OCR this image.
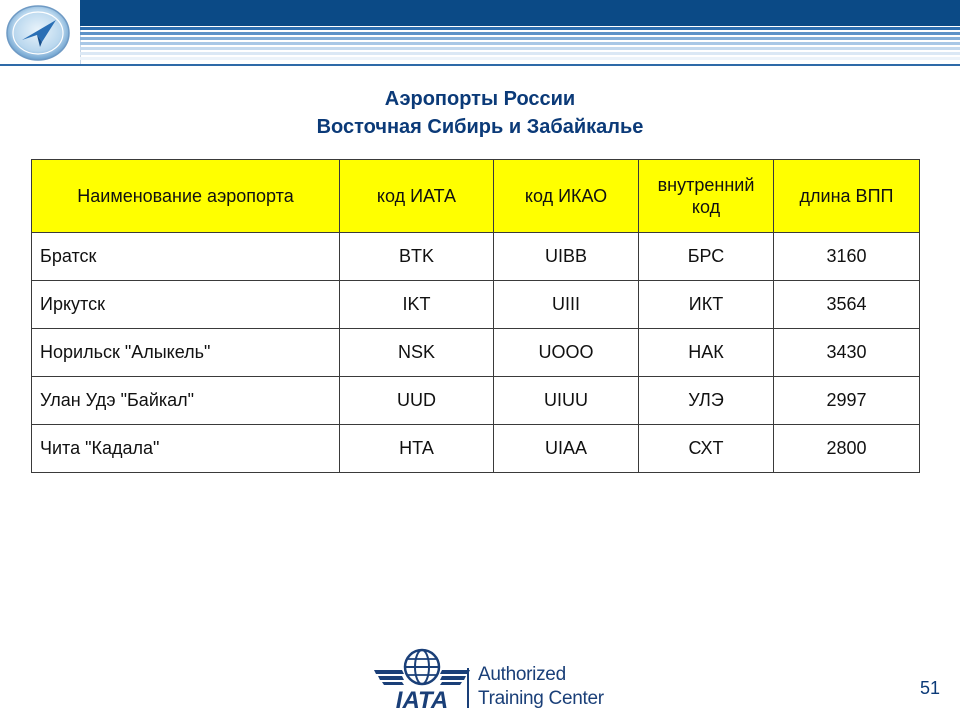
Аэропорты России
Восточная Сибирь и Забайкалье
Наименование аэропорта	код ИАТА	код ИКАО	внутренний код	длина ВПП
Братск	BTK	UIBB	БРС	3160
Иркутск	IKT	UIII	ИКТ	3564
Норильск "Алыкель"	NSK	UOOO	НАК	3430
Улан Удэ "Байкал"	UUD	UIUU	УЛЭ	2997
Чита "Кадала"	HTA	UIAA	СХТ	2800
IATA
Authorized
Training Center	51
